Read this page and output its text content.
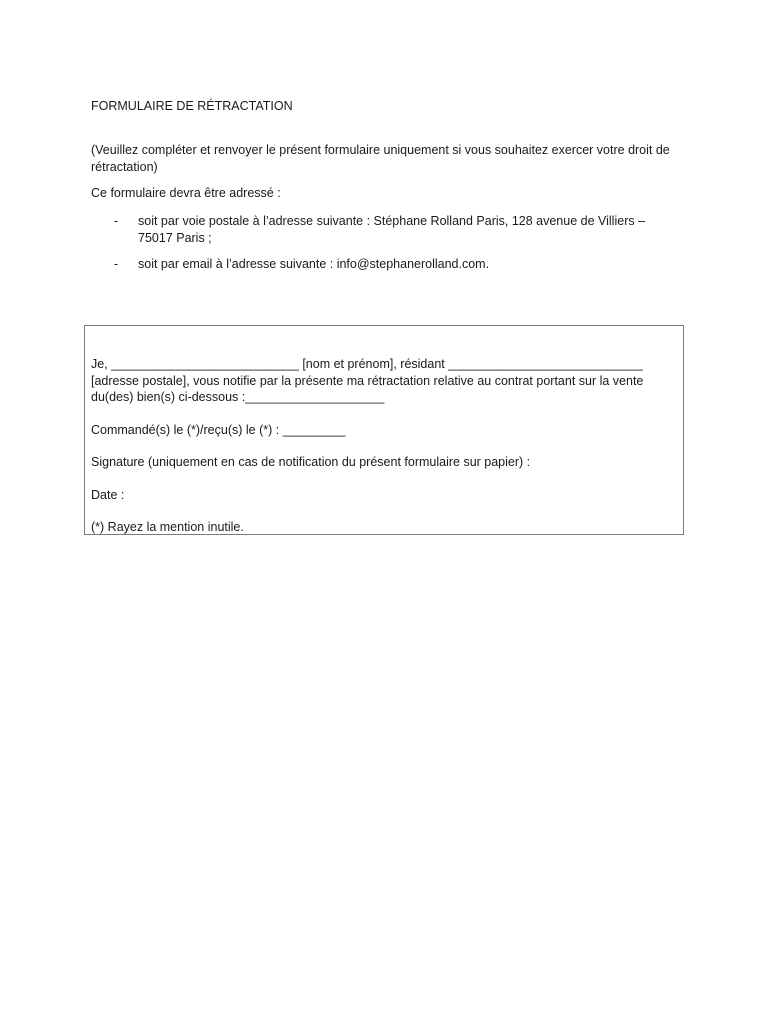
FORMULAIRE DE RÉTRACTATION

(Veuillez compléter et renvoyer le présent formulaire uniquement si vous souhaitez exercer votre droit de rétractation)

Ce formulaire devra être adressé :

- soit par voie postale à l’adresse suivante : Stéphane Rolland Paris, 128 avenue de Villiers – 75017 Paris ;
- soit par email à l’adresse suivante : info@stephanerolland.com.

Je, ___________________________ [nom et prénom], résidant ____________________________ [adresse postale], vous notifie par la présente ma rétractation relative au contrat portant sur la vente du(des) bien(s) ci-dessous :____________________

Commandé(s) le (*)/reçu(s) le (*) : _________

Signature (uniquement en cas de notification du présent formulaire sur papier) :

Date :

(*) Rayez la mention inutile.
